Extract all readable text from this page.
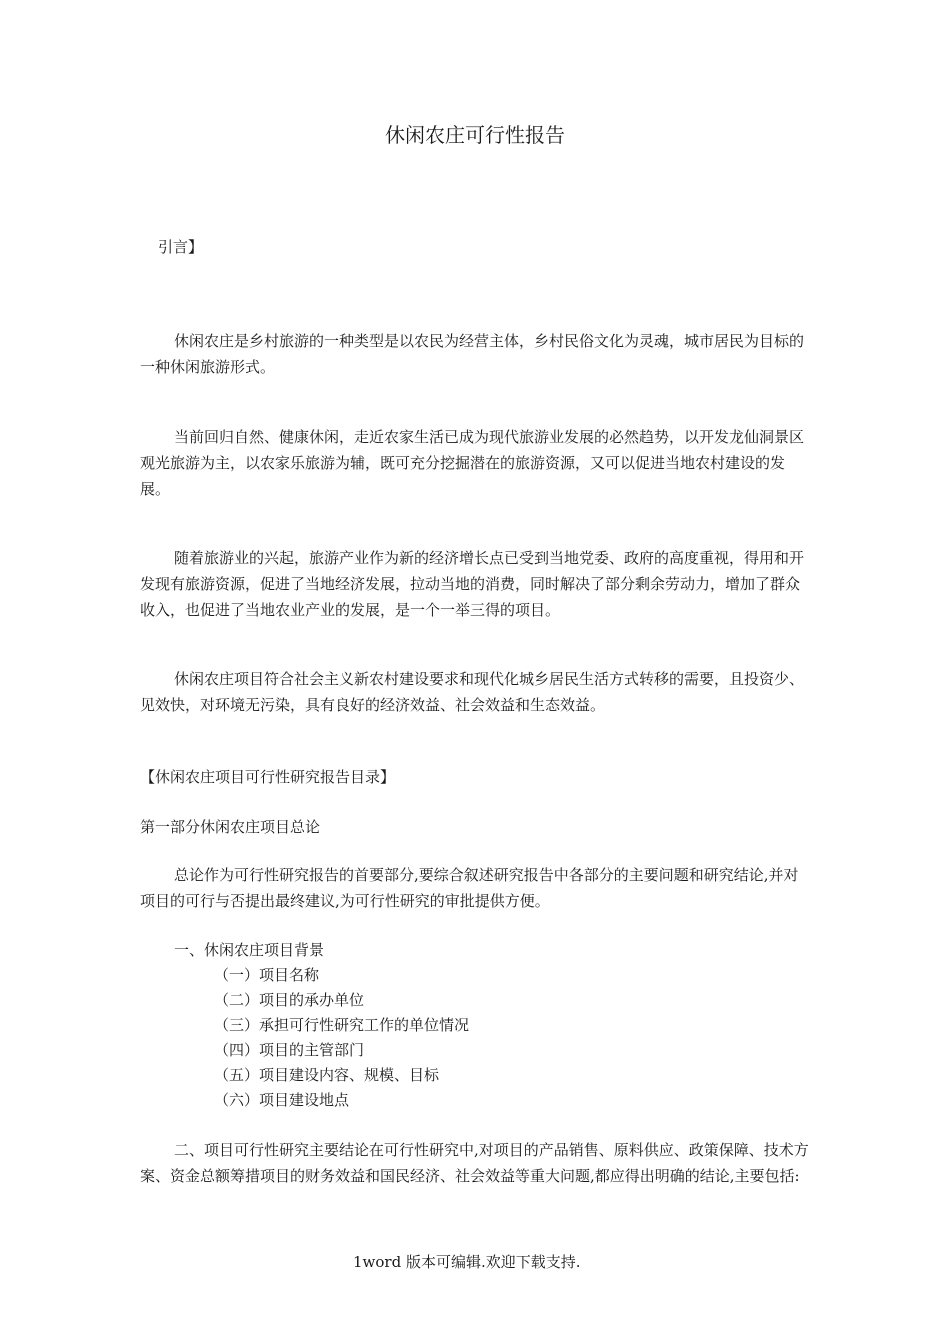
休闲农庄可行性报告

引言】

休闲农庄是乡村旅游的一种类型是以农民为经营主体，乡村民俗文化为灵魂，城市居民为目标的一种休闲旅游形式。

当前回归自然、健康休闲，走近农家生活已成为现代旅游业发展的必然趋势，以开发龙仙洞景区观光旅游为主，以农家乐旅游为辅，既可充分挖掘潜在的旅游资源，又可以促进当地农村建设的发展。

随着旅游业的兴起，旅游产业作为新的经济增长点已受到当地党委、政府的高度重视，得用和开发现有旅游资源，促进了当地经济发展，拉动当地的消费，同时解决了部分剩余劳动力，增加了群众收入，也促进了当地农业产业的发展，是一个一举三得的项目。

休闲农庄项目符合社会主义新农村建设要求和现代化城乡居民生活方式转移的需要，且投资少、见效快，对环境无污染，具有良好的经济效益、社会效益和生态效益。

【休闲农庄项目可行性研究报告目录】

第一部分休闲农庄项目总论

总论作为可行性研究报告的首要部分,要综合叙述研究报告中各部分的主要问题和研究结论,并对项目的可行与否提出最终建议,为可行性研究的审批提供方便。

一、休闲农庄项目背景
（一）项目名称
（二）项目的承办单位
（三）承担可行性研究工作的单位情况
（四）项目的主管部门
（五）项目建设内容、规模、目标
（六）项目建设地点

二、项目可行性研究主要结论在可行性研究中,对项目的产品销售、原料供应、政策保障、技术方案、资金总额筹措项目的财务效益和国民经济、社会效益等重大问题,都应得出明确的结论,主要包括:

1word 版本可编辑.欢迎下载支持.
